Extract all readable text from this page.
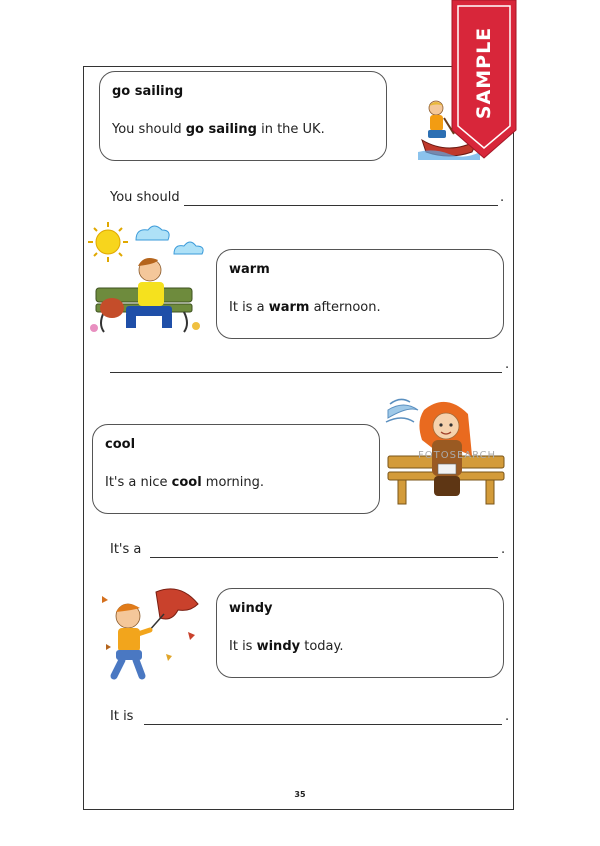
go sailing
You should go sailing in the UK.
You should	.
warm
It is a warm afternoon.
.
cool
It's a nice cool morning.
FOTOSEARCH
It's a	.
windy
It is windy today.
It is	.
35
SAMPLE
